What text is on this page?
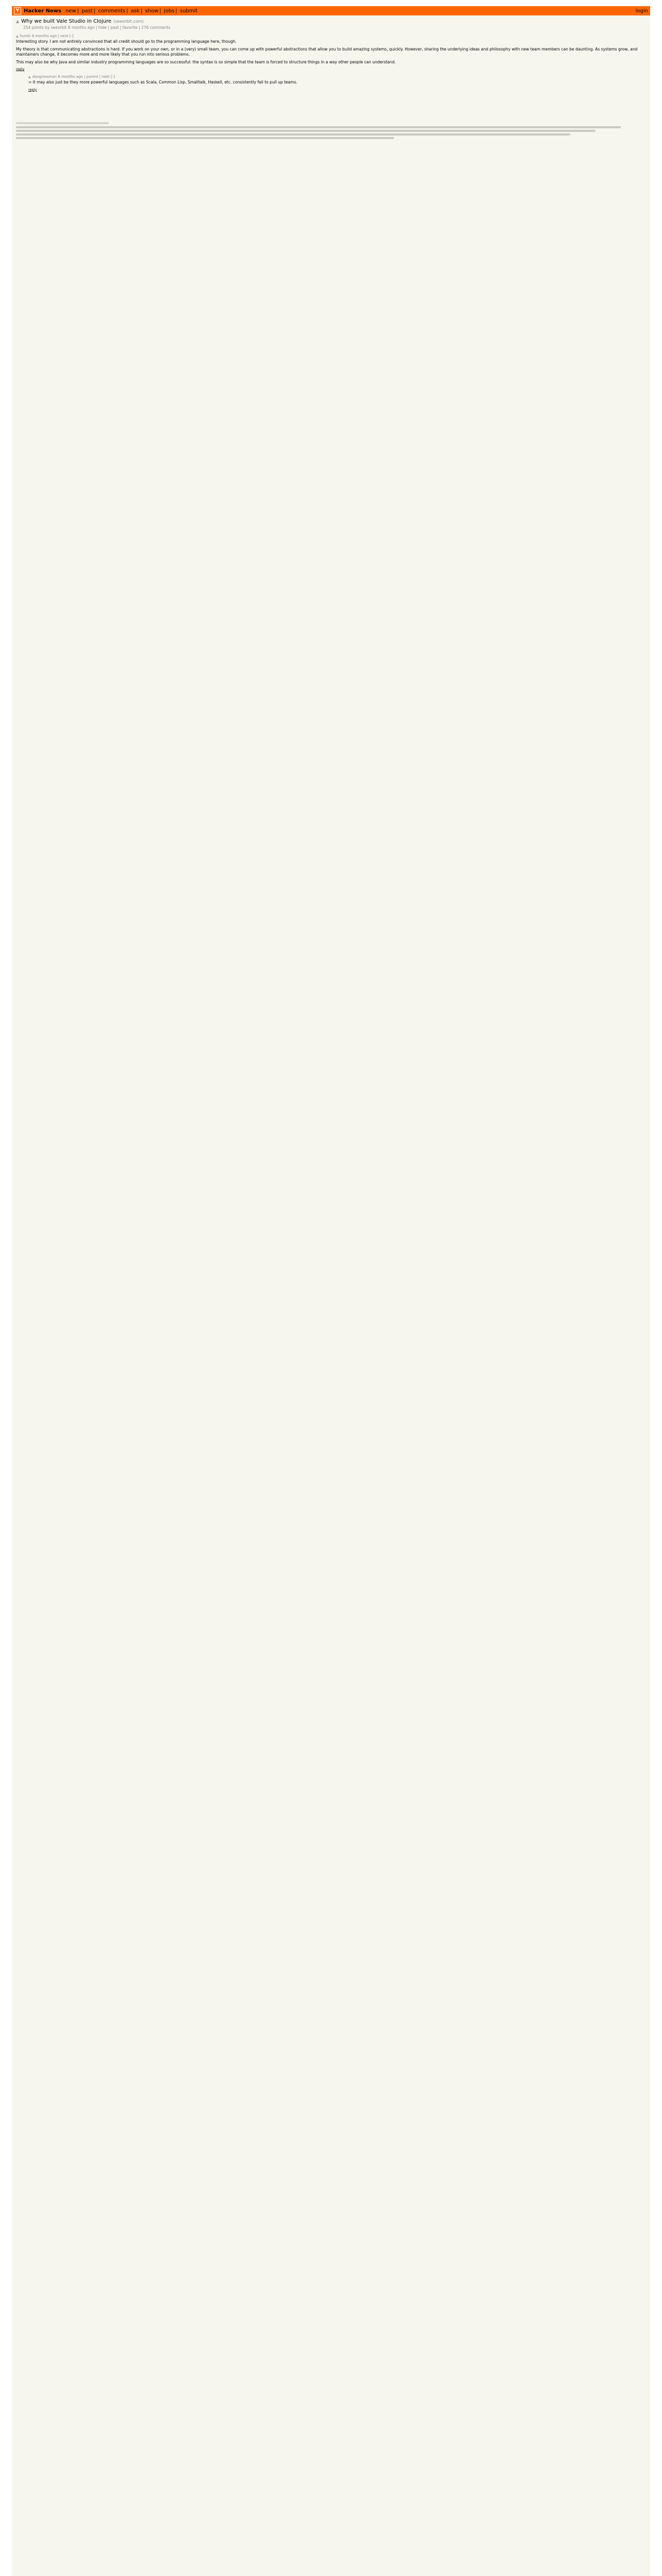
Y Hacker News new | past | comments | ask | show | jobs | submit	login
▲ Why we built Vale Studio in Clojure (seeorbit.com)
254 points by seeorbit 8 months ago | hide | past | favorite | 276 comments
▲ huntir 8 months ago | next [-]

Interesting story. I am not entirely convinced that all credit should go to the programming language here, though.

My theory is that communicating abstractions is hard. If you work on your own, or in a (very) small team, you can come up with powerful abstractions that allow you to build amazing systems, quickly. However, sharing the underlying ideas and philosophy with new team members can be daunting. As systems grow, and maintainers change, it becomes more and more likely that you run into serious problems.

This may also be why Java and similar industry programming languages are so successful: the syntax is so simple that the team is forced to structure things in a way other people can understand.

reply
▲ dangrossman 8 months ago | parent | next [-]

> it may also just be they more powerful languages such as Scala, Common Lisp, Smalltalk, Haskell, etc. consistently fail to pull up teams.

reply
